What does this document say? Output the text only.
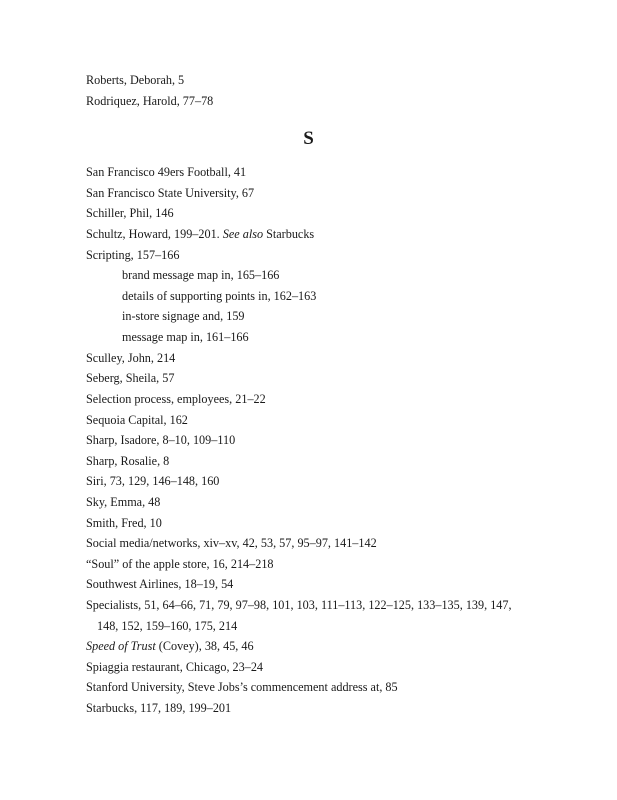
Roberts, Deborah, 5
Rodriquez, Harold, 77–78
S
San Francisco 49ers Football, 41
San Francisco State University, 67
Schiller, Phil, 146
Schultz, Howard, 199–201. See also Starbucks
Scripting, 157–166
brand message map in, 165–166
details of supporting points in, 162–163
in-store signage and, 159
message map in, 161–166
Sculley, John, 214
Seberg, Sheila, 57
Selection process, employees, 21–22
Sequoia Capital, 162
Sharp, Isadore, 8–10, 109–110
Sharp, Rosalie, 8
Siri, 73, 129, 146–148, 160
Sky, Emma, 48
Smith, Fred, 10
Social media/networks, xiv–xv, 42, 53, 57, 95–97, 141–142
“Soul” of the apple store, 16, 214–218
Southwest Airlines, 18–19, 54
Specialists, 51, 64–66, 71, 79, 97–98, 101, 103, 111–113, 122–125, 133–135, 139, 147,
148, 152, 159–160, 175, 214
Speed of Trust (Covey), 38, 45, 46
Spiaggia restaurant, Chicago, 23–24
Stanford University, Steve Jobs’s commencement address at, 85
Starbucks, 117, 189, 199–201
